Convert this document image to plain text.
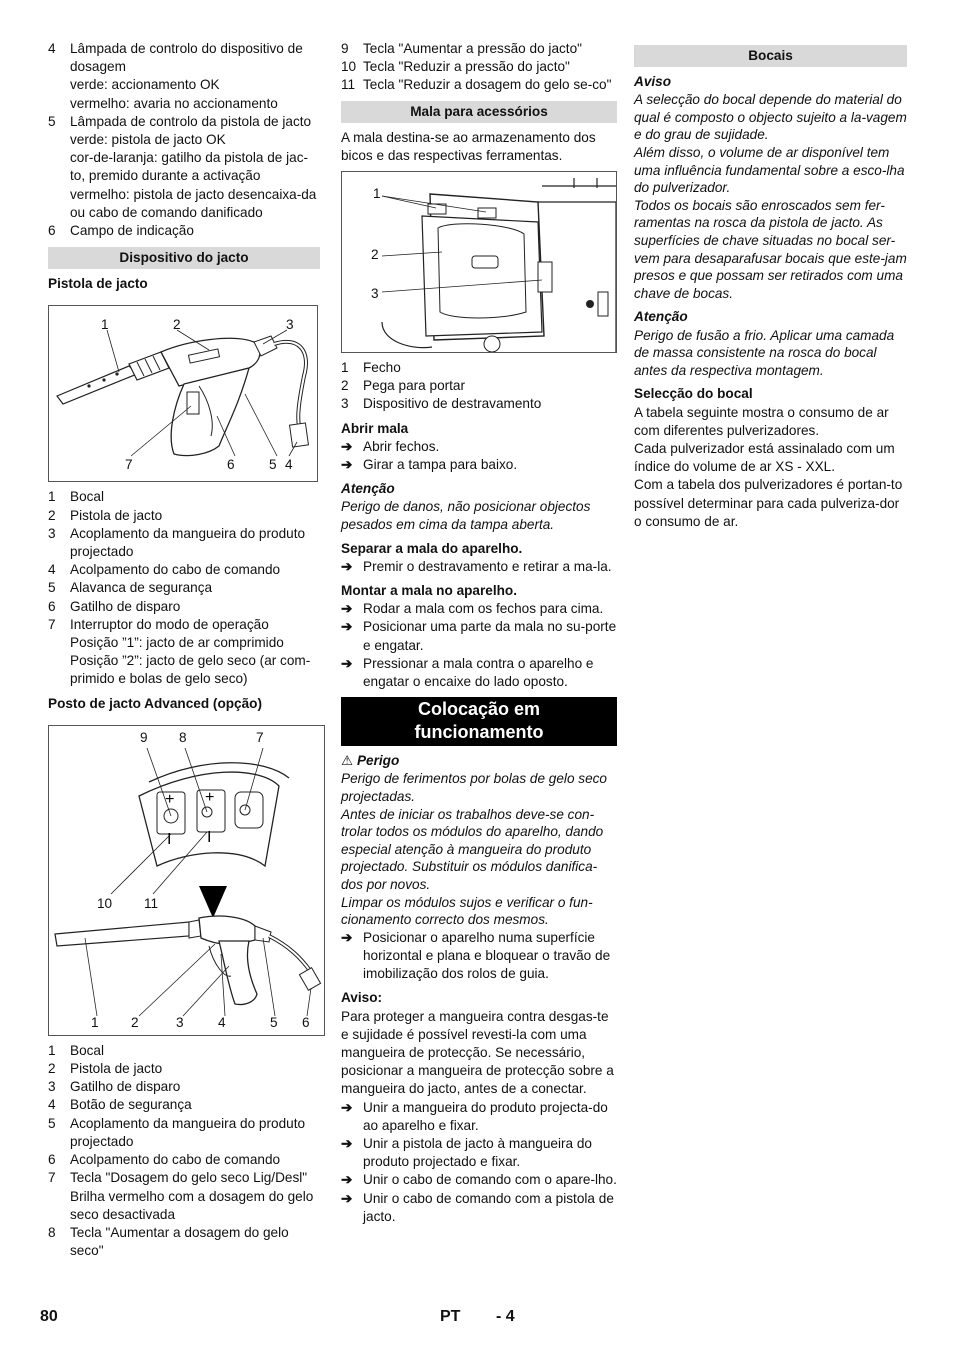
4	Lâmpada de controlo do dispositivo de dosagem
verde: accionamento OK
vermelho: avaria no accionamento
5	Lâmpada de controlo da pistola de jacto
verde: pistola de jacto OK
cor-de-laranja: gatilho da pistola de jac-to, premido durante a activação
vermelho: pistola de jacto desencaixa-da ou cabo de comando danificado
6	Campo de indicação
Dispositivo do jacto
Pistola de jacto
1	2	3
7	6	5 4
1	Bocal
2	Pistola de jacto
3	Acoplamento da mangueira do produto projectado
4	Acolpamento do cabo de comando
5	Alavanca de segurança
6	Gatilho de disparo
7	Interruptor do modo de operação
Posição ”1”: jacto de ar comprimido
Posição ”2”: jacto de gelo seco (ar com-primido e bolas de gelo seco)
Posto de jacto Advanced (opção)
+ +
I I
9 8	7
10 11
1 2	3	4	5 6
1	Bocal
2	Pistola de jacto
3	Gatilho de disparo
4	Botão de segurança
5	Acoplamento da mangueira do produto projectado
6	Acolpamento do cabo de comando
7	Tecla "Dosagem do gelo seco Lig/Desl"
Brilha vermelho com a dosagem do gelo seco desactivada
8	Tecla "Aumentar a dosagem do gelo seco"
9	Tecla "Aumentar a pressão do jacto"
10 Tecla "Reduzir a pressão do jacto"
11 Tecla "Reduzir a dosagem do gelo se-co"
Mala para acessórios
A mala destina-se ao armazenamento dos bicos e das respectivas ferramentas.
1
2
3
1	Fecho
2	Pega para portar
3	Dispositivo de destravamento
Abrir mala
➔ Abrir fechos.
➔ Girar a tampa para baixo.
Atenção
Perigo de danos, não posicionar objectos pesados em cima da tampa aberta.
Separar a mala do aparelho.
➔ Premir o destravamento e retirar a ma-la.
Montar a mala no aparelho.
➔ Rodar a mala com os fechos para cima.
➔ Posicionar uma parte da mala no su-porte e engatar.
➔ Pressionar a mala contra o aparelho e engatar o encaixe do lado oposto.
Colocação em
funcionamento
⚠ Perigo
Perigo de ferimentos por bolas de gelo seco projectadas.
Antes de iniciar os trabalhos deve-se con-trolar todos os módulos do aparelho, dando especial atenção à mangueira do produto projectado. Substituir os módulos danifica-dos por novos.
Limpar os módulos sujos e verificar o fun-cionamento correcto dos mesmos.
➔ Posicionar o aparelho numa superfície horizontal e plana e bloquear o travão de imobilização dos rolos de guia.
Aviso:
Para proteger a mangueira contra desgas-te e sujidade é possível revesti-la com uma mangueira de protecção. Se necessário, posicionar a mangueira de protecção sobre a mangueira do jacto, antes de a conectar.
➔ Unir a mangueira do produto projecta-do ao aparelho e fixar.
➔ Unir a pistola de jacto à mangueira do produto projectado e fixar.
➔ Unir o cabo de comando com o apare-lho.
➔ Unir o cabo de comando com a pistola de jacto.
Bocais
Aviso
A selecção do bocal depende do material do qual é composto o objecto sujeito a la-vagem e do grau de sujidade.
Além disso, o volume de ar disponível tem uma influência fundamental sobre a esco-lha do pulverizador.
Todos os bocais são enroscados sem fer-ramentas na rosca da pistola de jacto. As superfícies de chave situadas no bocal ser-vem para desaparafusar bocais que este-jam presos e que possam ser retirados com uma chave de bocas.
Atenção
Perigo de fusão a frio. Aplicar uma camada de massa consistente na rosca do bocal antes da respectiva montagem.
Selecção do bocal
A tabela seguinte mostra o consumo de ar com diferentes pulverizadores.
Cada pulverizador está assinalado com um índice do volume de ar XS - XXL.
Com a tabela dos pulverizadores é portan-to possível determinar para cada pulveriza-dor o consumo de ar.
80	PT - 4
